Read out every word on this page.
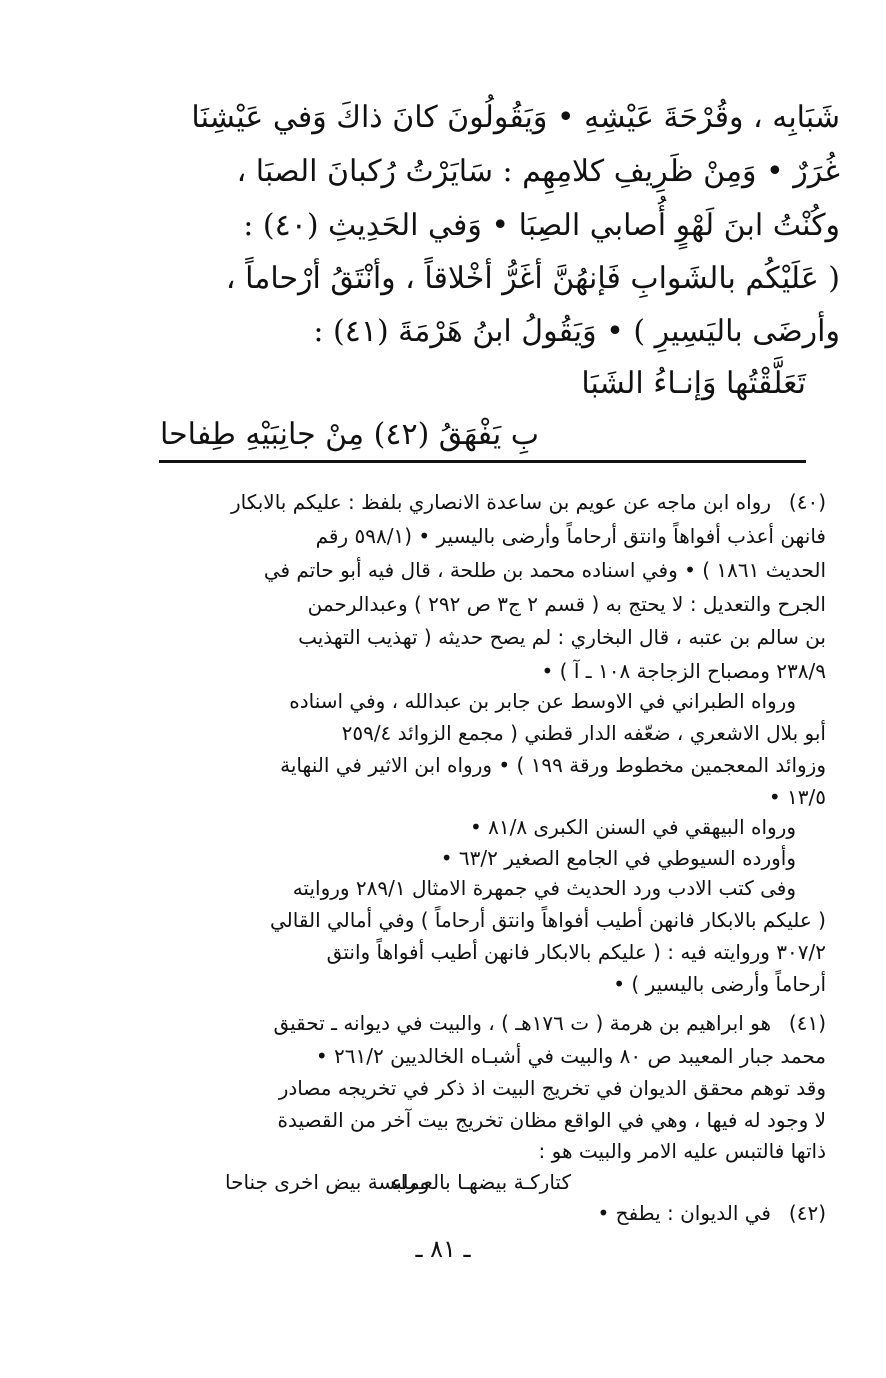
شَبَابِه ، وقُرْحَةَ عَيْشِهِ • وَيَقُولُونَ كانَ ذاكَ وَفي عَيْشِنَا
غُرَرٌ • وَمِنْ ظَرِيفِ كلامِهِم : سَايَرْتُ رُكبانَ الصبَا ،
وكُنْتُ ابنَ لَهْوٍ أُصابي الصِبَا • وَفي الحَدِيثِ (٤٠) :
( عَلَيْكُم بالشَوابِ فَإنهُنَّ أغَرُّ أخْلاقاً ، وأنْتَقُ أرْحاماً ،
وأرضَى باليَسِيرِ ) • وَيَقُولُ ابنُ هَرْمَةَ (٤١) :
تَعَلَّقْتُها وَإنـاءُ الشَبَا
بِ يَفْهَقُ (٤٢) مِنْ جانِبَيْهِ طِفاحا
(٤٠)
رواه ابن ماجه عن عويم بن ساعدة الانصاري بلفظ : عليكم بالابكار
فانهن أعذب أفواهاً وانتق أرحاماً وأرضى باليسير • (٥٩٨/١ رقم
الحديث ١٨٦١ ) • وفي اسناده محمد بن طلحة ، قال فيه أبو حاتم في
الجرح والتعديل : لا يحتج به ( قسم ٢ ج٣ ص ٢٩٢ ) وعبدالرحمن
بن سالم بن عتبه ، قال البخاري : لم يصح حديثه ( تهذيب التهذيب
٢٣٨/٩ ومصباح الزجاجة ١٠٨ ـ آ ) •
ورواه الطبراني في الاوسط عن جابر بن عبدالله ، وفي اسناده
أبو بلال الاشعري ، ضعّفه الدار قطني ( مجمع الزوائد ٢٥٩/٤
وزوائد المعجمين مخطوط ورقة ١٩٩ ) • ورواه ابن الاثير في النهاية
١٣/٥ •
ورواه البيهقي في السنن الكبرى ٨١/٨ •
وأورده السيوطي في الجامع الصغير ٦٣/٢ •
وفى كتب الادب ورد الحديث في جمهرة الامثال ٢٨٩/١ وروايته
( عليكم بالابكار فانهن أطيب أفواهاً وانتق أرحاماً ) وفي أمالي القالي
٣٠٧/٢ وروايته فيه : ( عليكم بالابكار فانهن أطيب أفواهاً وانتق
أرحاماً وأرضى باليسير ) •
(٤١)
هو ابراهيم بن هرمة ( ت ١٧٦هـ ) ، والبيت في ديوانه ـ تحقيق
محمد جبار المعيبد ص ٨٠ والبيت في أشبـاه الخالديين ٢٦١/٢ •
وقد توهم محقق الديوان في تخريج البيت اذ ذكر في تخريجه مصادر
لا وجود له فيها ، وهي في الواقع مظان تخريج بيت آخر من القصيدة
ذاتها فالتبس عليه الامر والبيت هو :
كتاركـة بيضهـا بالعـراء
وملبسة بيض اخرى جناحا
(٤٢)
في الديوان : يطفح •
ـ ٨١ ـ
